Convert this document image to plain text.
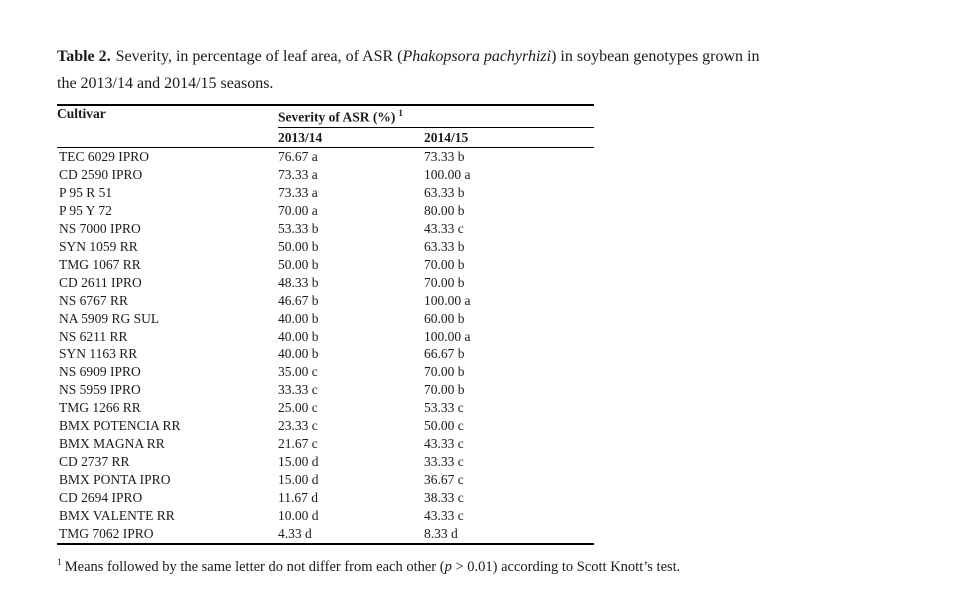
Table 2. Severity, in percentage of leaf area, of ASR (Phakopsora pachyrhizi) in soybean genotypes grown in
the 2013/14 and 2014/15 seasons.

Cultivar	Severity of ASR (%) $^1$
	2013/14	2014/15
TEC 6029 IPRO	76.67 a	73.33 b
CD 2590 IPRO	73.33 a	100.00 a
P 95 R 51	73.33 a	63.33 b
P 95 Y 72	70.00 a	80.00 b
NS 7000 IPRO	53.33 b	43.33 c
SYN 1059 RR	50.00 b	63.33 b
TMG 1067 RR	50.00 b	70.00 b
CD 2611 IPRO	48.33 b	70.00 b
NS 6767 RR	46.67 b	100.00 a
NA 5909 RG SUL	40.00 b	60.00 b
NS 6211 RR	40.00 b	100.00 a
SYN 1163 RR	40.00 b	66.67 b
NS 6909 IPRO	35.00 c	70.00 b
NS 5959 IPRO	33.33 c	70.00 b
TMG 1266 RR	25.00 c	53.33 c
BMX POTENCIA RR	23.33 c	50.00 c
BMX MAGNA RR	21.67 c	43.33 c
CD 2737 RR	15.00 d	33.33 c
BMX PONTA IPRO	15.00 d	36.67 c
CD 2694 IPRO	11.67 d	38.33 c
BMX VALENTE RR	10.00 d	43.33 c
TMG 7062 IPRO	4.33 d	8.33 d

$^1$ Means followed by the same letter do not differ from each other (p > 0.01) according to Scott Knott’s test.
